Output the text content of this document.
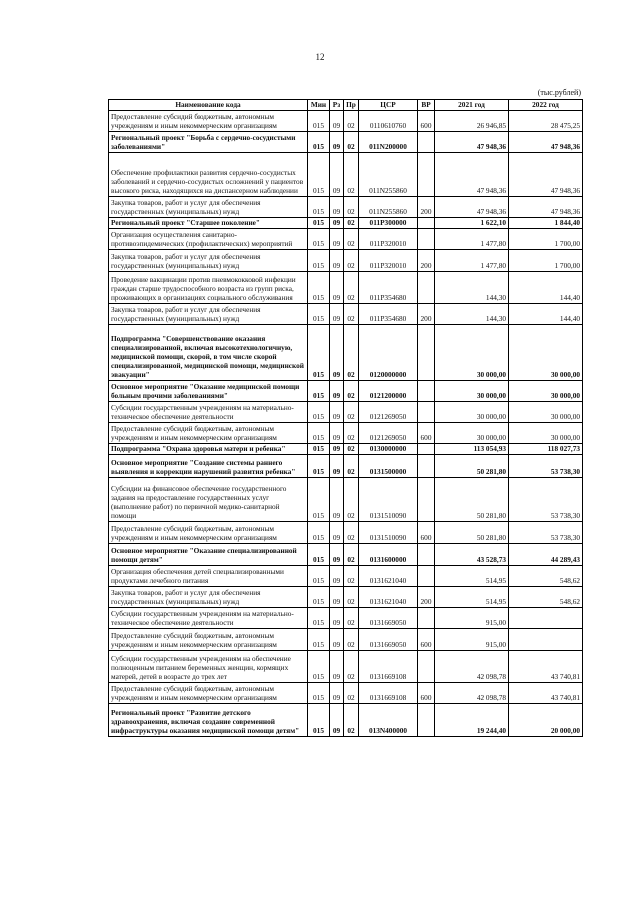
12
(тыс.рублей)
Наименование кода	Мин	Рз	Пр	ЦСР	ВР	2021 год	2022 год
Предоставление субсидий бюджетным, автономным учреждениям и иным некоммерческим организациям	015	09	02	0110610760	600	26 946,85	28 475,25
Региональный проект "Борьба с сердечно-сосудистыми заболеваниями"	015	09	02	011N200000		47 948,36	47 948,36
Обеспечение профилактики развития сердечно-сосудистых заболеваний и сердечно-сосудистых осложнений у пациентов высокого риска, находящихся на диспансерном наблюдении	015	09	02	011N255860		47 948,36	47 948,36
Закупка товаров, работ и услуг для обеспечения государственных (муниципальных) нужд	015	09	02	011N255860	200	47 948,36	47 948,36
Региональный проект "Старшее поколение"	015	09	02	011P300000		1 622,10	1 844,40
Организация осуществления санитарно-противоэпидемических (профилактических) мероприятий	015	09	02	011P320010		1 477,80	1 700,00
Закупка товаров, работ и услуг для обеспечения государственных (муниципальных) нужд	015	09	02	011P320010	200	1 477,80	1 700,00
Проведение вакцинации против пневмококковой инфекции граждан старше трудоспособного возраста из групп риска, проживающих в организациях социального обслуживания	015	09	02	011P354680		144,30	144,40
Закупка товаров, работ и услуг для обеспечения государственных (муниципальных) нужд	015	09	02	011P354680	200	144,30	144,40
Подпрограмма "Совершенствование оказания специализированной, включая высокотехнологичную, медицинской помощи, скорой, в том числе скорой специализированной, медицинской помощи, медицинской эвакуации"	015	09	02	0120000000		30 000,00	30 000,00
Основное мероприятие "Оказание медицинской помощи больным прочими заболеваниями"	015	09	02	0121200000		30 000,00	30 000,00
Субсидии государственным учреждениям на материально-техническое обеспечение деятельности	015	09	02	0121269050		30 000,00	30 000,00
Предоставление субсидий бюджетным, автономным учреждениям и иным некоммерческим организациям	015	09	02	0121269050	600	30 000,00	30 000,00
Подпрограмма "Охрана здоровья матери и ребенка"	015	09	02	0130000000		113 054,93	118 027,73
Основное мероприятие "Создание системы раннего выявления и коррекции нарушений развития ребенка"	015	09	02	0131500000		50 281,80	53 738,30
Субсидии на финансовое обеспечение государственного задания на предоставление государственных услуг (выполнение работ) по первичной медико-санитарной помощи	015	09	02	0131510090		50 281,80	53 738,30
Предоставление субсидий бюджетным, автономным учреждениям и иным некоммерческим организациям	015	09	02	0131510090	600	50 281,80	53 738,30
Основное мероприятие "Оказание специализированной помощи детям"	015	09	02	0131600000		43 528,73	44 289,43
Организация обеспечения детей специализированными продуктами лечебного питания	015	09	02	0131621040		514,95	548,62
Закупка товаров, работ и услуг для обеспечения государственных (муниципальных) нужд	015	09	02	0131621040	200	514,95	548,62
Субсидии государственным учреждениям на материально-техническое обеспечение деятельности	015	09	02	0131669050		915,00	
Предоставление субсидий бюджетным, автономным учреждениям и иным некоммерческим организациям	015	09	02	0131669050	600	915,00	
Субсидии государственным учреждениям на обеспечение полноценным питанием беременных женщин, кормящих матерей, детей в возрасте до трех лет	015	09	02	0131669108		42 098,78	43 740,81
Предоставление субсидий бюджетным, автономным учреждениям и иным некоммерческим организациям	015	09	02	0131669108	600	42 098,78	43 740,81
Региональный проект "Развитие детского здравоохранения, включая создание современной инфраструктуры оказания медицинской помощи детям"	015	09	02	013N400000		19 244,40	20 000,00
